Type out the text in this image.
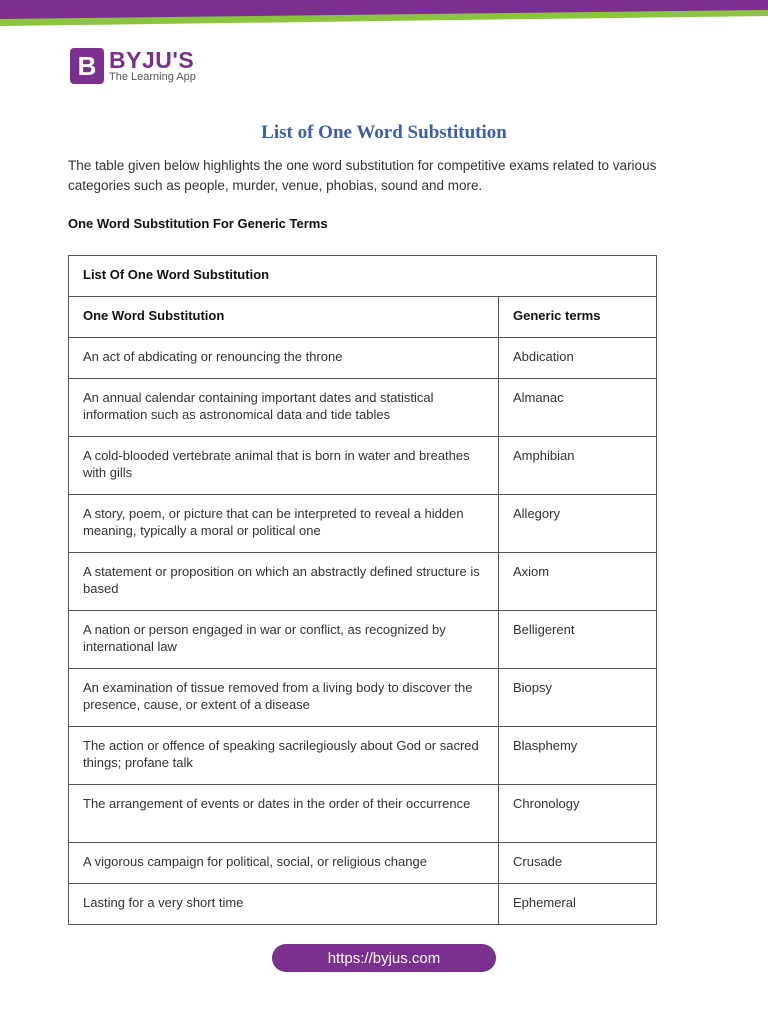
B BYJU'S
The Learning App
List of One Word Substitution

The table given below highlights the one word substitution for competitive exams related to various categories such as people, murder, venue, phobias, sound and more.

One Word Substitution For Generic Terms
List Of One Word Substitution	
One Word Substitution	Generic terms
An act of abdicating or renouncing the throne	Abdication
An annual calendar containing important dates and statistical information such as astronomical data and tide tables	Almanac
A cold-blooded vertebrate animal that is born in water and breathes with gills	Amphibian
A story, poem, or picture that can be interpreted to reveal a hidden meaning, typically a moral or political one	Allegory
A statement or proposition on which an abstractly defined structure is based	Axiom
A nation or person engaged in war or conflict, as recognized by international law	Belligerent
An examination of tissue removed from a living body to discover the presence, cause, or extent of a disease	Biopsy
The action or offence of speaking sacrilegiously about God or sacred things; profane talk	Blasphemy
The arrangement of events or dates in the order of their occurrence	Chronology
A vigorous campaign for political, social, or religious change	Crusade
Lasting for a very short time	Ephemeral
https://byjus.com
